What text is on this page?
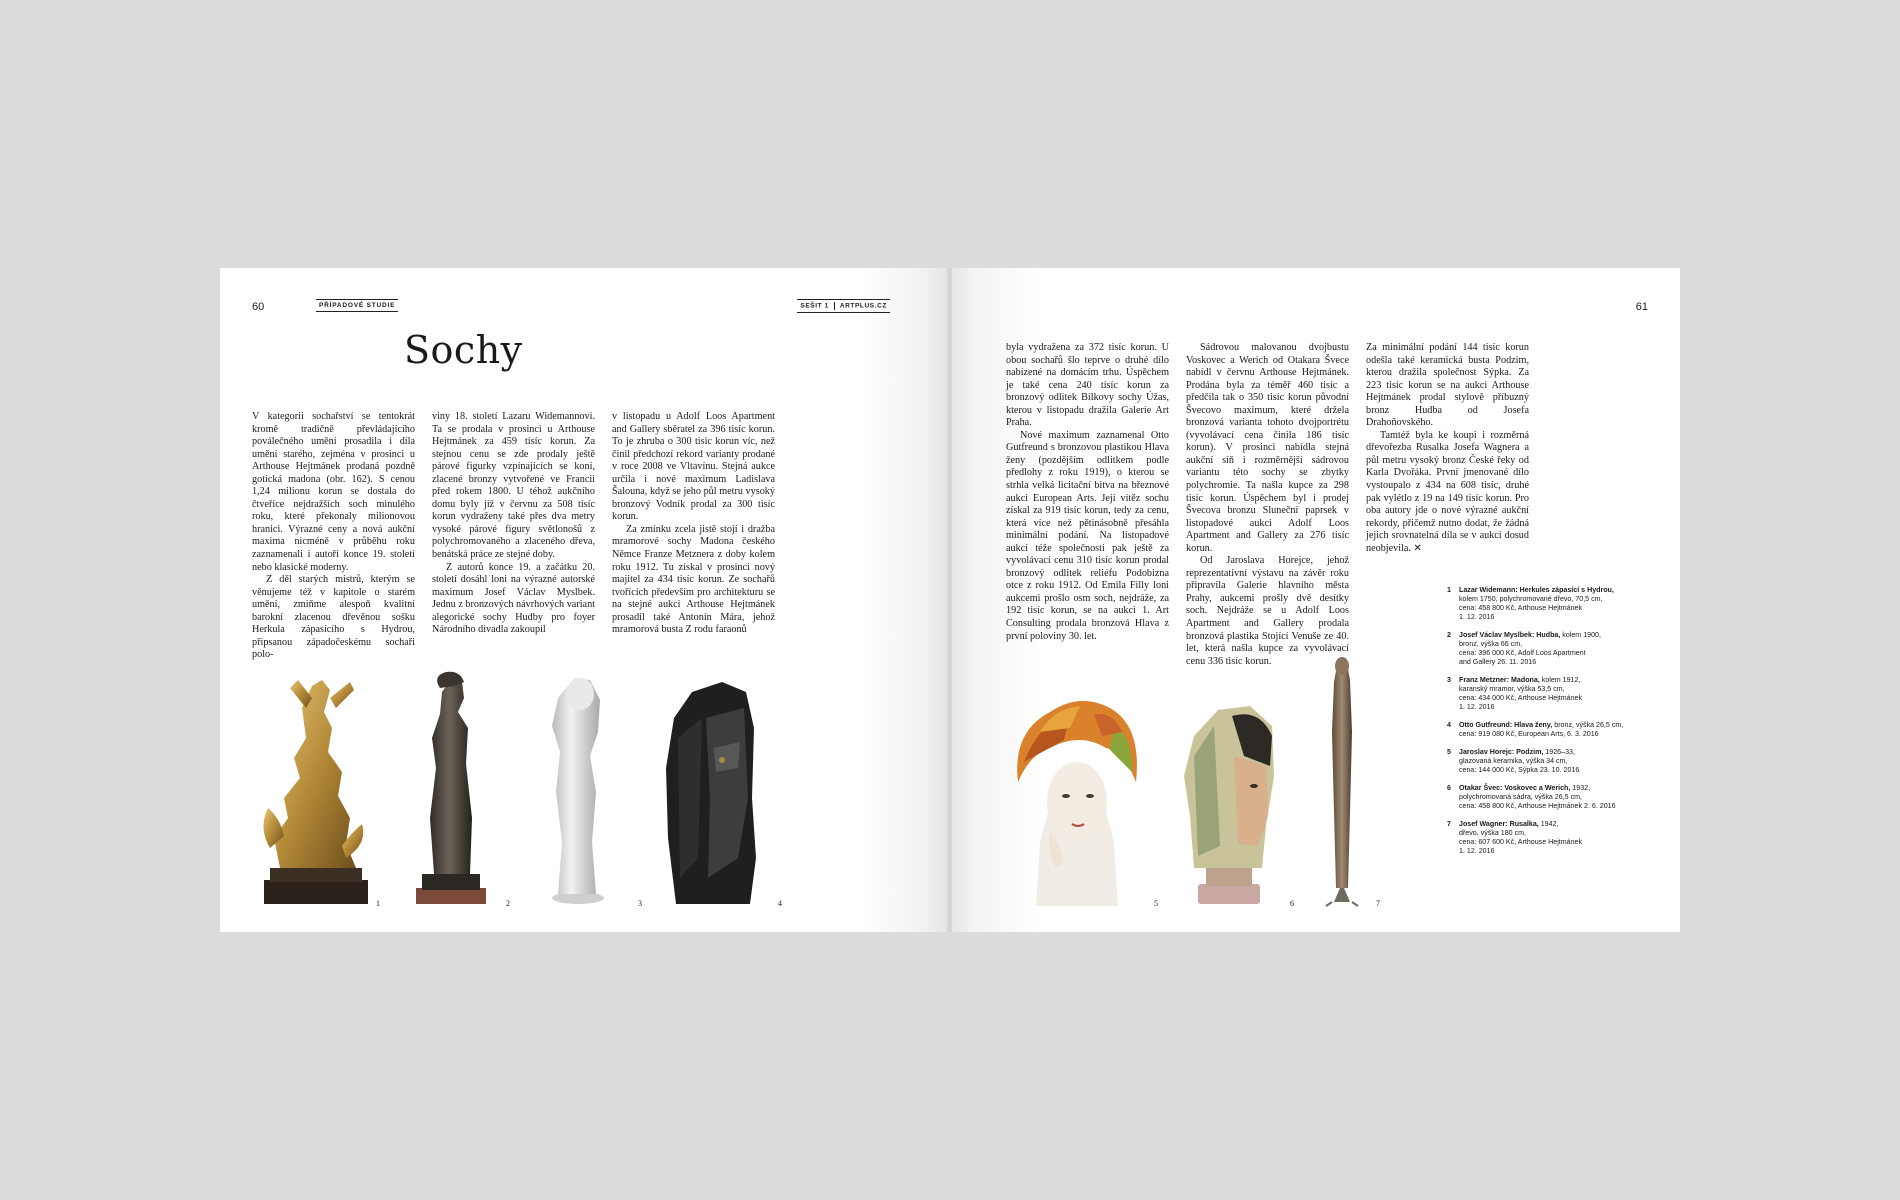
60	PŘÍPADOVÉ STUDIE	SEŠIT 1 ARTPLUS.CZ
Sochy

V kategorii sochařství se tentokrát kromě tradičně převládajícího poválečného umění prosadila i díla umění starého, zejména v prosinci u Arthouse Hejtmánek prodaná pozdně gotická madona (obr. 162). S cenou 1,24 milionu korun se dostala do čtveřice nejdražších soch minulého roku, které překonaly milionovou hranici. Výrazné ceny a nová aukční maxima nicméně v průběhu roku zaznamenali i autoři konce 19. století nebo klasické moderny.

Z děl starých mistrů, kterým se věnujeme též v kapitole o starém umění, zmiňme alespoň kvalitní barokní zlacenou dřevěnou sošku Herkula zápasícího s Hydrou, připsanou západočeskému sochaři polo-

viny 18. století Lazaru Widemannovi. Ta se prodala v prosinci u Arthouse Hejtmánek za 459 tisíc korun. Za stejnou cenu se zde prodaly ještě párové figurky vzpínajících se koní, zlacené bronzy vytvořené ve Francii před rokem 1800. U téhož aukčního domu byly již v červnu za 508 tisíc korun vydraženy také přes dva metry vysoké párové figury světlonošů z polychromovaného a zlaceného dřeva, benátská práce ze stejné doby.

Z autorů konce 19. a začátku 20. století dosáhl loni na výrazné autorské maximum Josef Václav Myslbek. Jednu z bronzových návrhových variant alegorické sochy Hudby pro foyer Národního divadla zakoupil

v listopadu u Adolf Loos Apartment and Gallery sběratel za 396 tisíc korun. To je zhruba o 300 tisíc korun víc, než činil předchozí rekord varianty prodané v roce 2008 ve Vltavínu. Stejná aukce určila i nové maximum Ladislava Šalouna, když se jeho půl metru vysoký bronzový Vodník prodal za 300 tisíc korun.

Za zmínku zcela jistě stojí i dražba mramorové sochy Madona českého Němce Franze Metznera z doby kolem roku 1912. Tu získal v prosinci nový majitel za 434 tisíc korun. Ze sochařů tvořících především pro architekturu se na stejné aukci Arthouse Hejtmánek prosadil také Antonín Mára, jehož mramorová busta Z rodu faraonů

1	2	3	4
61

byla vydražena za 372 tisíc korun. U obou sochařů šlo teprve o druhé dílo nabízené na domácím trhu. Úspěchem je také cena 240 tisíc korun za bronzový odlitek Bílkovy sochy Úžas, kterou v listopadu dražila Galerie Art Praha.

Nové maximum zaznamenal Otto Gutfreund s bronzovou plastikou Hlava ženy (pozdějším odlitkem podle předlohy z roku 1919), o kterou se strhla velká licitační bitva na březnové aukci European Arts. Její vítěz sochu získal za 919 tisíc korun, tedy za cenu, která více než pětinásobně přesáhla minimální podání. Na listopadové aukci téže společnosti pak ještě za vyvolávací cenu 310 tisíc korun prodal bronzový odlitek reliéfu Podobizna otce z roku 1912. Od Emila Filly loni aukcemi prošlo osm soch, nejdráže, za 192 tisíc korun, se na aukci 1. Art Consulting prodala bronzová Hlava z první poloviny 30. let.

Sádrovou malovanou dvojbustu Voskovec a Werich od Otakara Švece nabídl v červnu Arthouse Hejtmánek. Prodána byla za téměř 460 tisíc a předčila tak o 350 tisíc korun původní Švecovo maximum, které držela bronzová varianta tohoto dvojportrétu (vyvolávací cena činila 186 tisíc korun). V prosinci nabídla stejná aukční síň i rozměrnější sádrovou variantu této sochy se zbytky polychromie. Ta našla kupce za 298 tisíc korun. Úspěchem byl i prodej Švecova bronzu Sluneční paprsek v listopadové aukci Adolf Loos Apartment and Gallery za 276 tisíc korun.

Od Jaroslava Horejce, jehož reprezentativní výstavu na závěr roku připravila Galerie hlavního města Prahy, aukcemi prošly dvě desítky soch. Nejdráže se u Adolf Loos Apartment and Gallery prodala bronzová plastika Stojící Venuše ze 40. let, která našla kupce za vyvolávací cenu 336 tisíc korun.

Za minimální podání 144 tisíc korun odešla také keramická busta Podzim, kterou dražila společnost Sýpka. Za 223 tisíc korun se na aukci Arthouse Hejtmánek prodal stylově příbuzný bronz Hudba od Josefa Drahoňovského.

Tamtéž byla ke koupi i rozměrná dřevořezba Rusalka Josefa Wagnera a půl metru vysoký bronz České řeky od Karla Dvořáka. První jmenované dílo vystoupalo z 434 na 608 tisíc, druhé pak vylétlo z 19 na 149 tisíc korun. Pro oba autory jde o nové výrazné aukční rekordy, přičemž nutno dodat, že žádná jejich srovnatelná díla se v aukci dosud neobjevila. ✕

1 Lazar Widemann: Herkules zápasící s Hydrou,
kolem 1750, polychromované dřevo, 70,5 cm,
cena: 458 800 Kč, Arthouse Hejtmánek
1. 12. 2016
2 Josef Václav Myslbek: Hudba, kolem 1900,
bronz, výška 66 cm,
cena: 396 000 Kč, Adolf Loos Apartment
and Gallery 26. 11. 2016
3 Franz Metzner: Madona, kolem 1912,
karanský mramor, výška 53,5 cm,
cena: 434 000 Kč, Arthouse Hejtmánek
1. 12. 2016
4 Otto Gutfreund: Hlava ženy, bronz, výška 26,5 cm,
cena: 919 080 Kč, European Arts, 6. 3. 2016
5 Jaroslav Horejc: Podzim, 1926–33,
glazovaná keramika, výška 34 cm,
cena: 144 000 Kč, Sýpka 23. 10. 2016
6 Otakar Švec: Voskovec a Werich, 1932,
polychromovaná sádra, výška 26,5 cm,
cena: 458 800 Kč, Arthouse Hejtmánek 2. 6. 2016
7 Josef Wagner: Rusalka, 1942,
dřevo, výška 180 cm,
cena: 607 600 Kč, Arthouse Hejtmánek
1. 12. 2016
5	6	7
